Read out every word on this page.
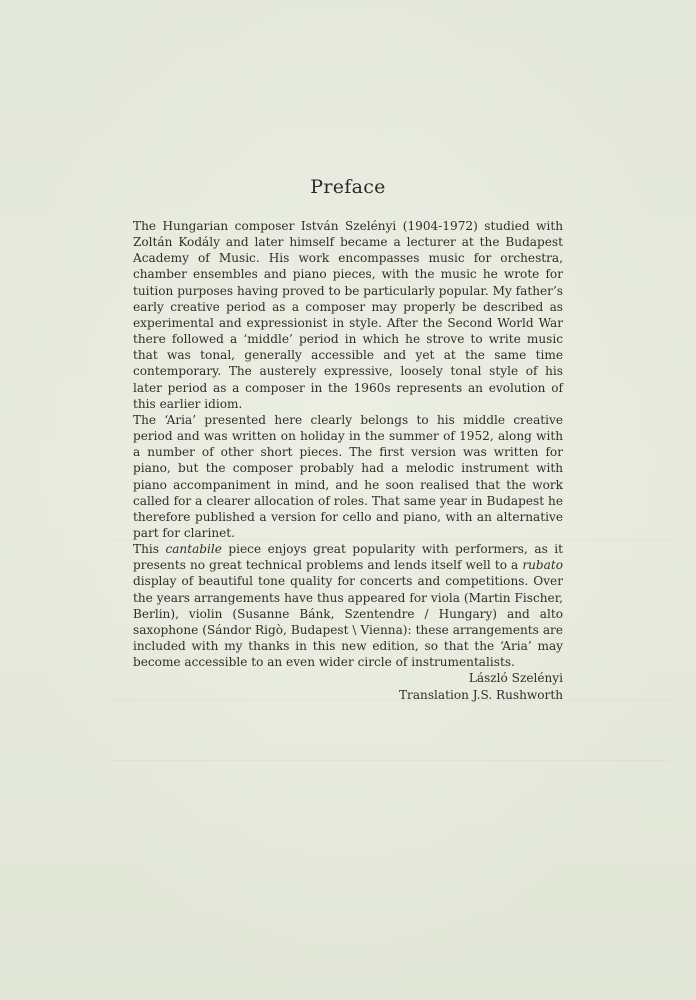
Preface

The Hungarian composer István Szelényi (1904-1972) studied with Zoltán Kodály and later himself became a lecturer at the Budapest Academy of Music. His work encompasses music for orchestra, chamber ensembles and piano pieces, with the music he wrote for tuition purposes having proved to be particularly popular. My father’s early creative period as a composer may properly be described as experimental and expressionist in style. After the Second World War there followed a ‘middle’ period in which he strove to write music that was tonal, generally accessible and yet at the same time contemporary. The austerely expressive, loosely tonal style of his later period as a composer in the 1960s represents an evolution of this earlier idiom.

The ‘Aria’ presented here clearly belongs to his middle creative period and was written on holiday in the summer of 1952, along with a number of other short pieces. The first version was written for piano, but the composer probably had a melodic instrument with piano accompaniment in mind, and he soon realised that the work called for a clearer allocation of roles. That same year in Budapest he therefore published a version for cello and piano, with an alternative part for clarinet.

This cantabile piece enjoys great popularity with performers, as it presents no great technical problems and lends itself well to a rubato display of beautiful tone quality for concerts and competitions. Over the years arrangements have thus appeared for viola (Martin Fischer, Berlin), violin (Susanne Bánk, Szentendre / Hungary) and alto saxophone (Sándor Rigò, Budapest \ Vienna): these arrangements are included with my thanks in this new edition, so that the ‘Aria’ may become accessible to an even wider circle of instrumentalists.

László Szelényi

Translation J.S. Rushworth
